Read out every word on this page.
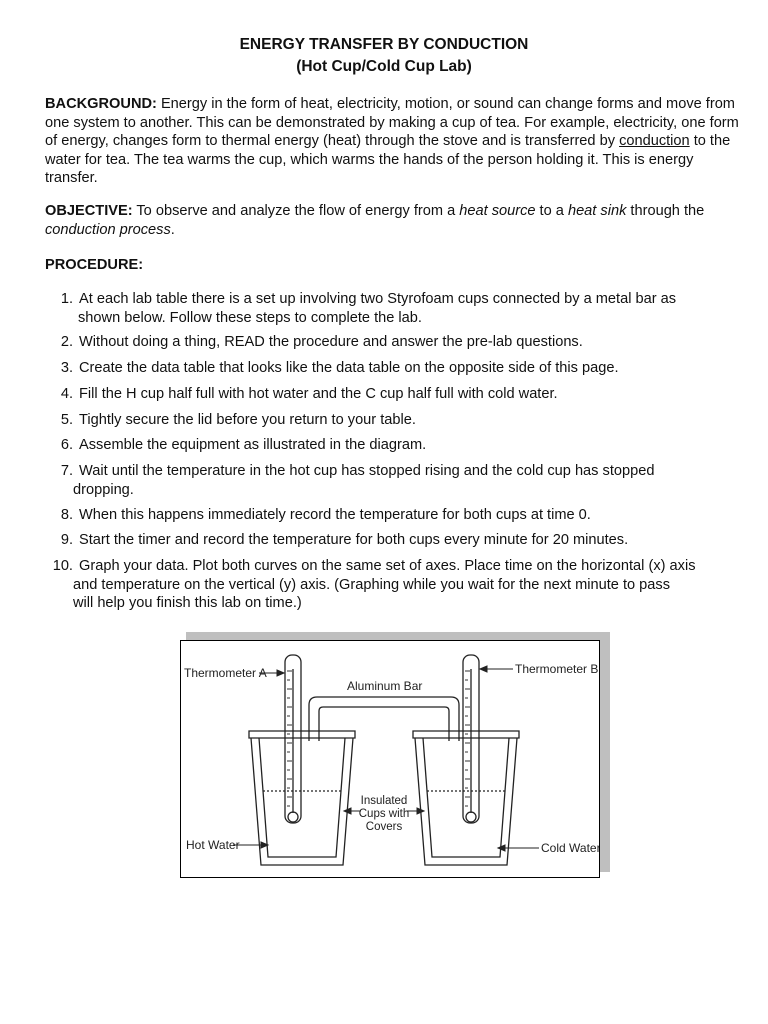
ENERGY TRANSFER BY CONDUCTION
(Hot Cup/Cold Cup Lab)

BACKGROUND: Energy in the form of heat, electricity, motion, or sound can change forms and move from one system to another. This can be demonstrated by making a cup of tea. For example, electricity, one form of energy, changes form to thermal energy (heat) through the stove and is transferred by conduction to the water for tea. The tea warms the cup, which warms the hands of the person holding it. This is energy transfer.

OBJECTIVE: To observe and analyze the flow of energy from a heat source to a heat sink through the conduction process.

PROCEDURE:
1. At each lab table there is a set up involving two Styrofoam cups connected by a metal bar as
shown below. Follow these steps to complete the lab.
2. Without doing a thing, READ the procedure and answer the pre-lab questions.
3. Create the data table that looks like the data table on the opposite side of this page.
4. Fill the H cup half full with hot water and the C cup half full with cold water.
5. Tightly secure the lid before you return to your table.
6. Assemble the equipment as illustrated in the diagram.
7. Wait until the temperature in the hot cup has stopped rising and the cold cup has stopped
dropping.
8. When this happens immediately record the temperature for both cups at time 0.
9. Start the timer and record the temperature for both cups every minute for 20 minutes.
10. Graph your data. Plot both curves on the same set of axes. Place time on the horizontal (x) axis
and temperature on the vertical (y) axis. (Graphing while you wait for the next minute to pass
will help you finish this lab on time.)
Thermometer A	Thermometer B
Aluminum Bar
Insulated
Cups with
Covers
Hot Water	Cold Water
